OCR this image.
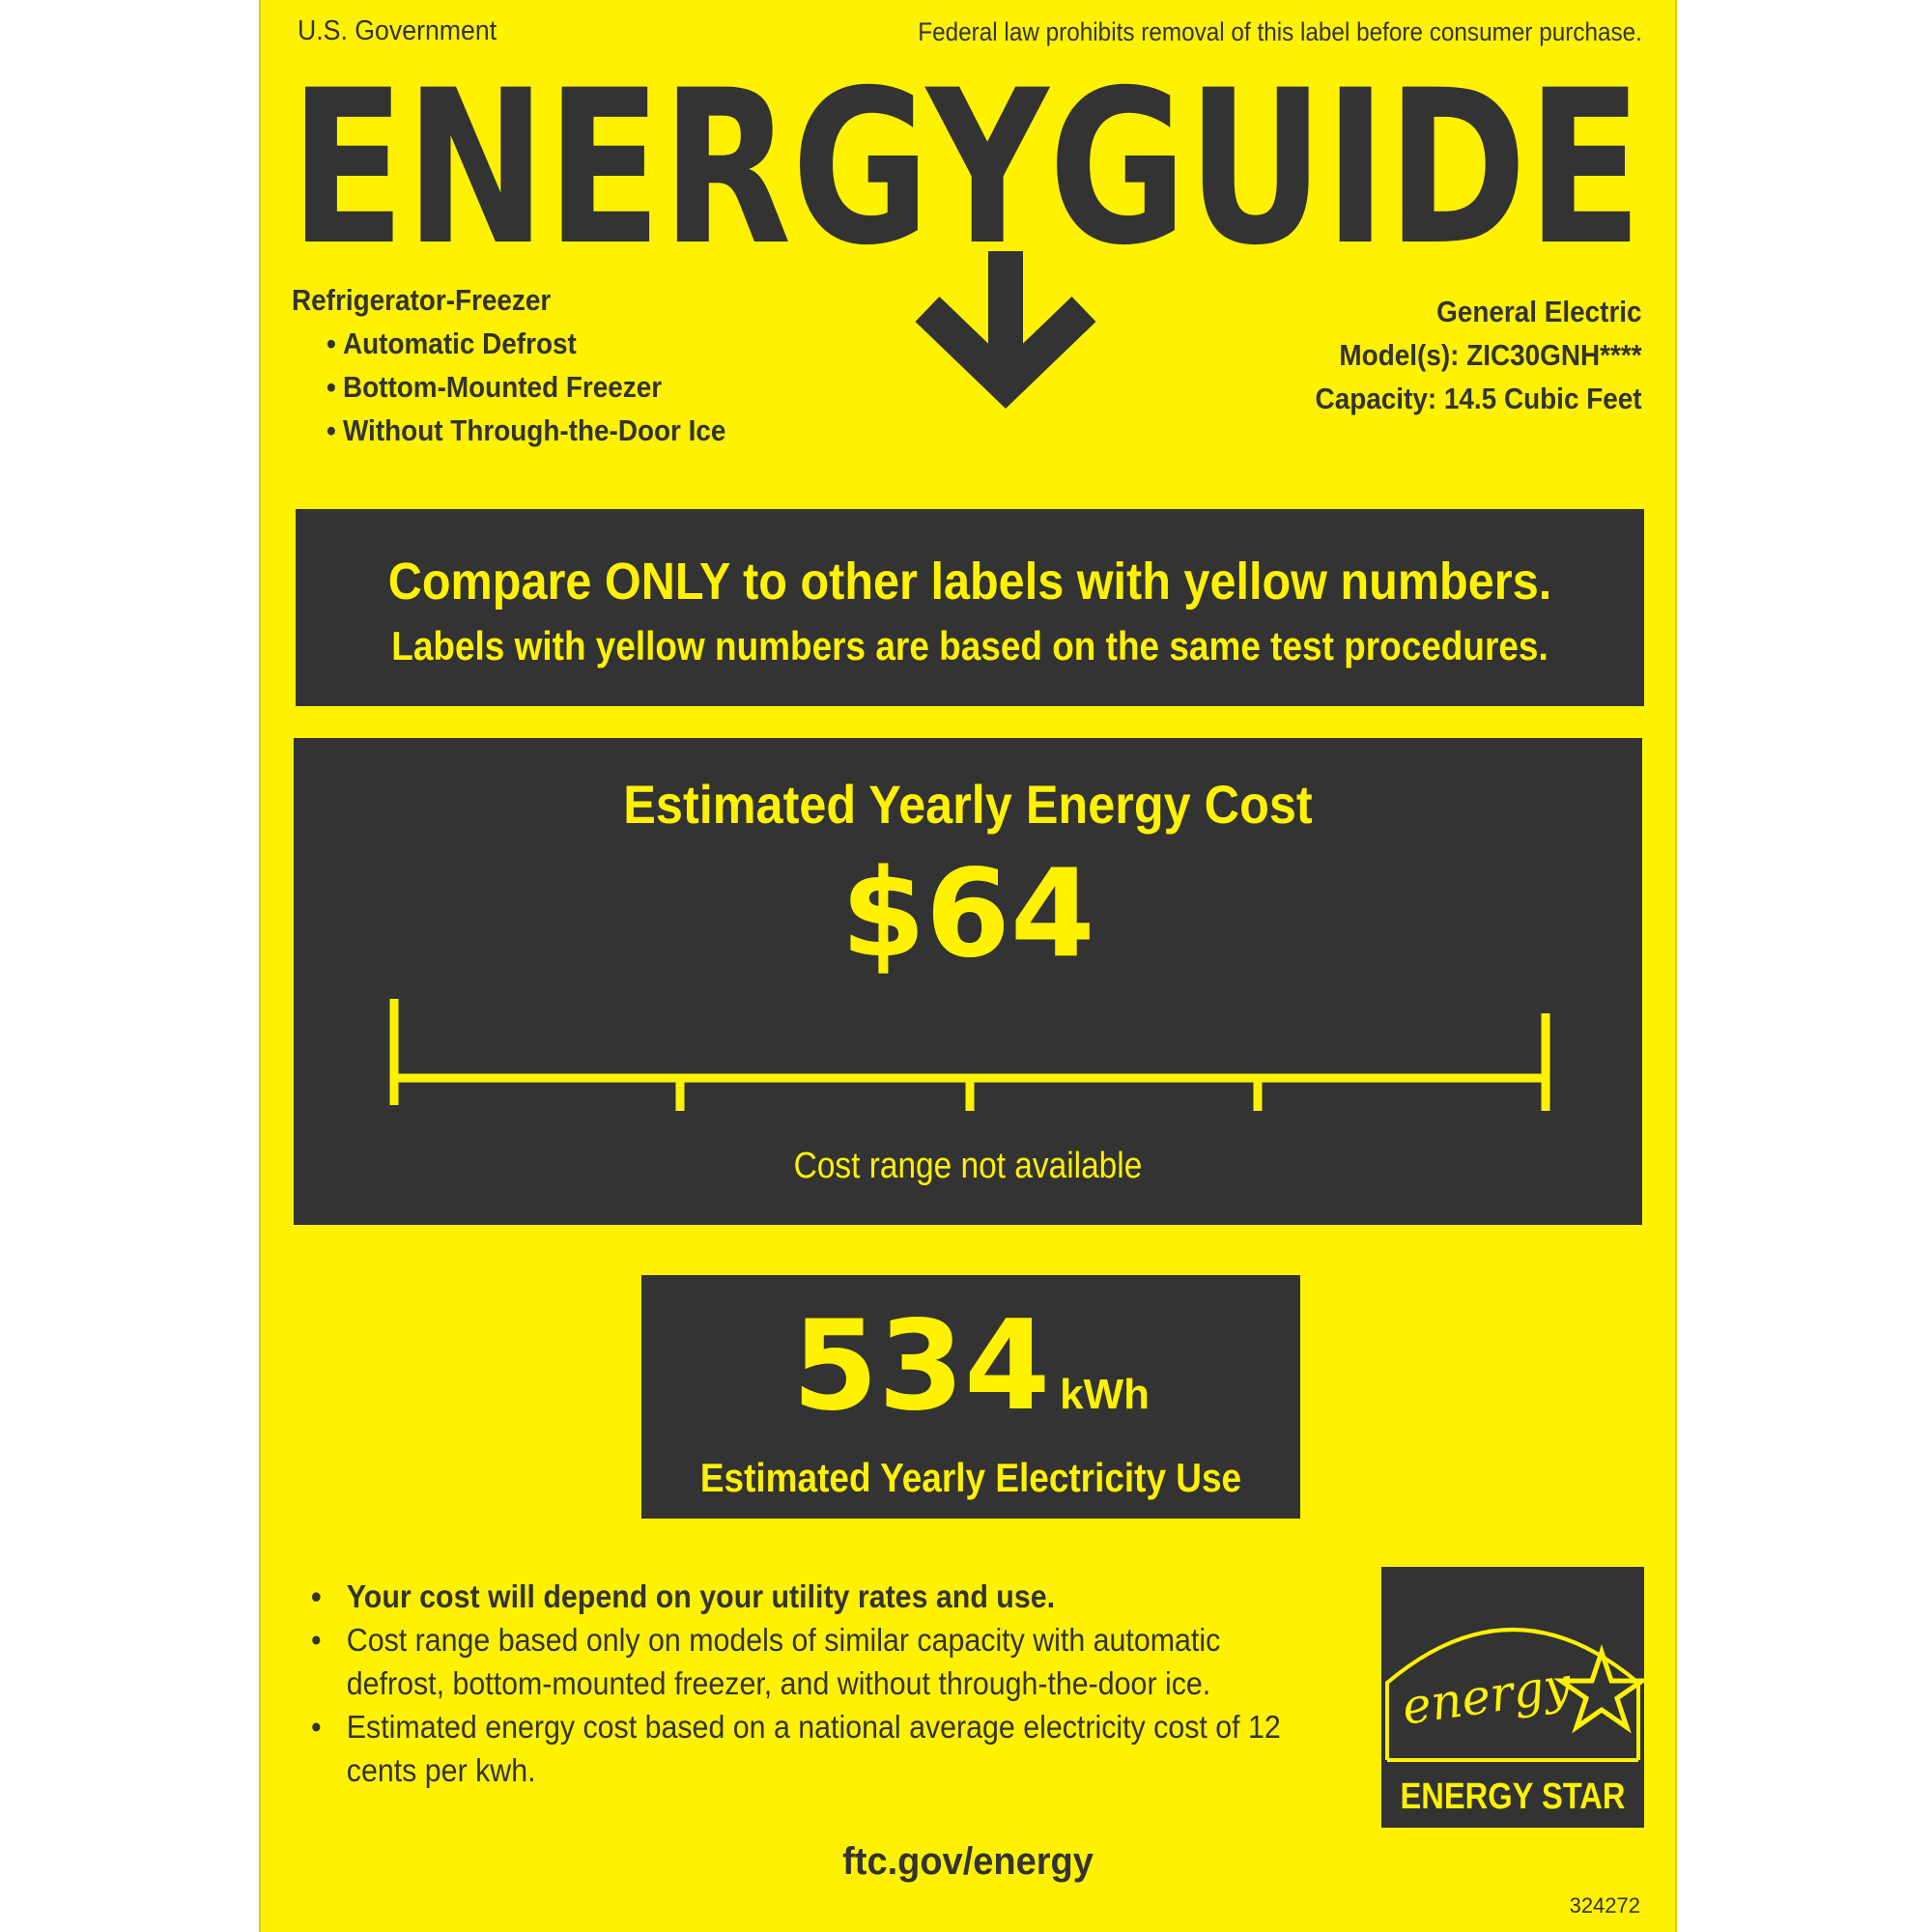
U.S. Government	Federal law prohibits removal of this label before consumer purchase.
ENERGYGUIDE
Refrigerator-Freezer
• Automatic Defrost
• Bottom-Mounted Freezer
• Without Through-the-Door Ice
General Electric
Model(s): ZIC30GNH****
Capacity: 14.5 Cubic Feet
Compare ONLY to other labels with yellow numbers.
Labels with yellow numbers are based on the same test procedures.
Estimated Yearly Energy Cost
$64
Cost range not available
534 kWh
Estimated Yearly Electricity Use
• Your cost will depend on your utility rates and use.
• Cost range based only on models of similar capacity with automatic defrost, bottom-mounted freezer, and without through-the-door ice.
• Estimated energy cost based on a national average electricity cost of 12 cents per kwh.
energy
ENERGY STAR
ftc.gov/energy
324272
